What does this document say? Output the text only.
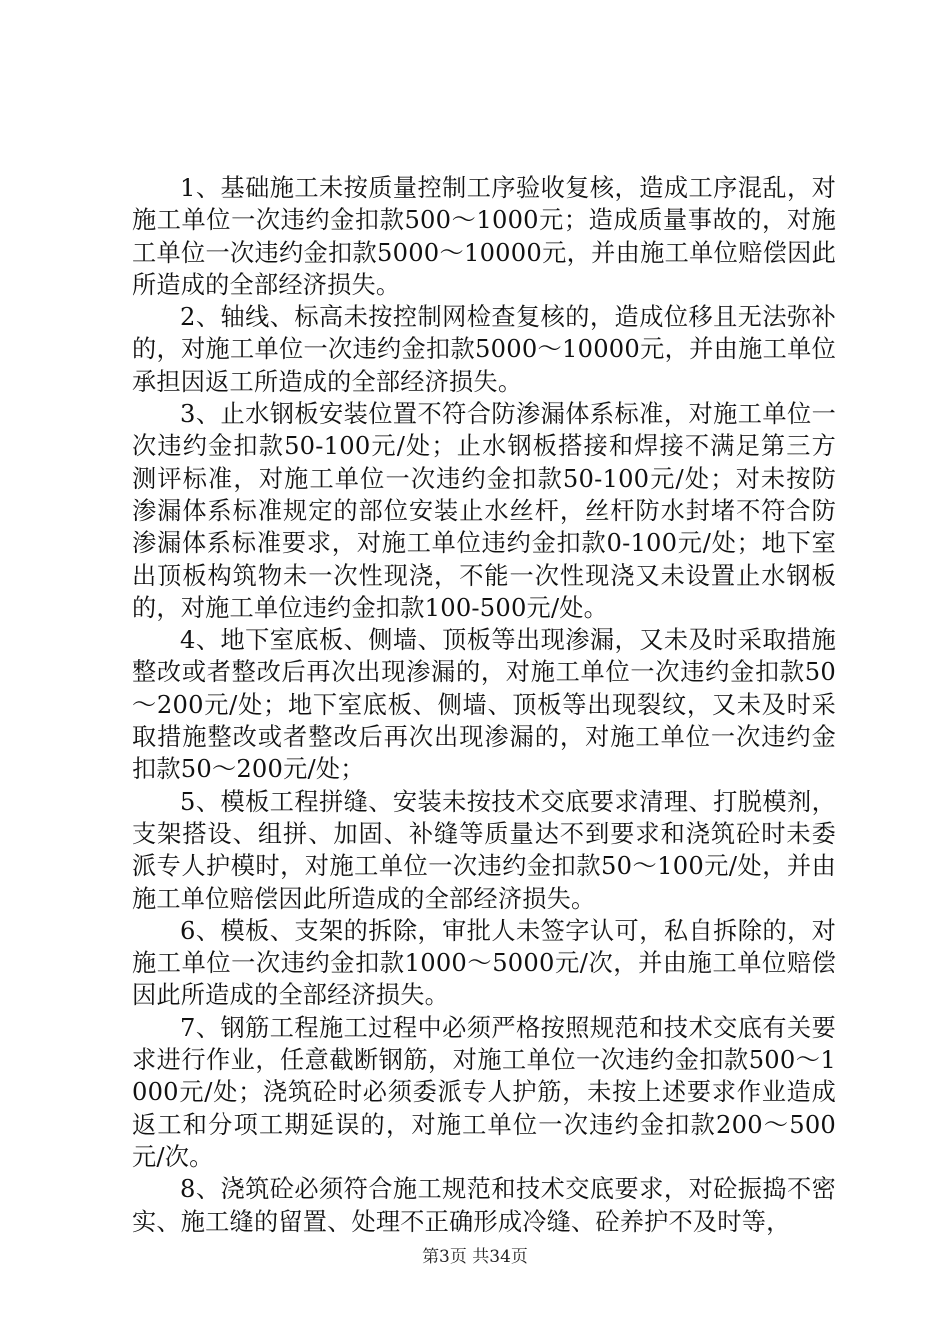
1、基础施工未按质量控制工序验收复核，造成工序混乱，对施工单位一次违约金扣款500～1000元；造成质量事故的，对施工单位一次违约金扣款5000～10000元，并由施工单位赔偿因此所造成的全部经济损失。

2、轴线、标高未按控制网检查复核的，造成位移且无法弥补的，对施工单位一次违约金扣款5000～10000元，并由施工单位承担因返工所造成的全部经济损失。

3、止水钢板安装位置不符合防渗漏体系标准，对施工单位一次违约金扣款50-100元/处；止水钢板搭接和焊接不满足第三方测评标准，对施工单位一次违约金扣款50-100元/处；对未按防渗漏体系标准规定的部位安装止水丝杆，丝杆防水封堵不符合防渗漏体系标准要求，对施工单位违约金扣款0-100元/处；地下室出顶板构筑物未一次性现浇，不能一次性现浇又未设置止水钢板的，对施工单位违约金扣款100-500元/处。

4、地下室底板、侧墙、顶板等出现渗漏，又未及时采取措施整改或者整改后再次出现渗漏的，对施工单位一次违约金扣款50～200元/处；地下室底板、侧墙、顶板等出现裂纹，又未及时采取措施整改或者整改后再次出现渗漏的，对施工单位一次违约金扣款50～200元/处；

5、模板工程拼缝、安装未按技术交底要求清理、打脱模剂，支架搭设、组拼、加固、补缝等质量达不到要求和浇筑砼时未委派专人护模时，对施工单位一次违约金扣款50～100元/处，并由施工单位赔偿因此所造成的全部经济损失。

6、模板、支架的拆除，审批人未签字认可，私自拆除的，对施工单位一次违约金扣款1000～5000元/次，并由施工单位赔偿因此所造成的全部经济损失。

7、钢筋工程施工过程中必须严格按照规范和技术交底有关要求进行作业，任意截断钢筋，对施工单位一次违约金扣款500～1000元/处；浇筑砼时必须委派专人护筋，未按上述要求作业造成返工和分项工期延误的，对施工单位一次违约金扣款200～500元/次。

8、浇筑砼必须符合施工规范和技术交底要求，对砼振捣不密实、施工缝的留置、处理不正确形成冷缝、砼养护不及时等，

第3页 共34页
